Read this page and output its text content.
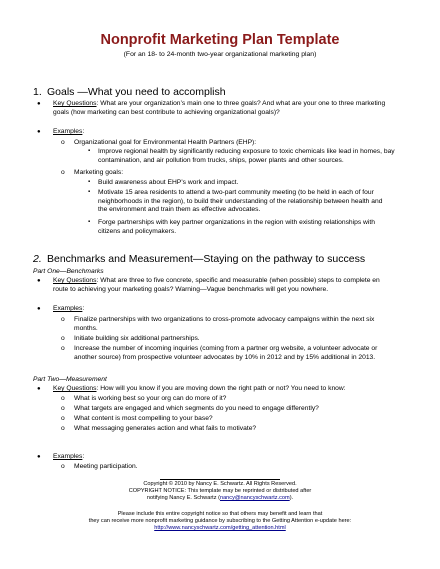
Nonprofit Marketing Plan Template
(For an 18- to 24-month two-year organizational marketing plan)
1. Goals —What you need to accomplish
● Key Questions: What are your organization’s main one to three goals? And what are your one to three marketing
goals (how marketing can best contribute to achieving organizational goals)?
● Examples:
o Organizational goal for Environmental Health Partners (EHP):
▪ Improve regional health by significantly reducing exposure to toxic chemicals like lead in homes, bay
contamination, and air pollution from trucks, ships, power plants and other sources.
o Marketing goals:
▪ Build awareness about EHP’s work and impact.
▪ Motivate 15 area residents to attend a two-part community meeting (to be held in each of four
neighborhoods in the region), to build their understanding of the relationship between health and
the environment and train them as effective advocates.
▪ Forge partnerships with key partner organizations in the region with existing relationships with
citizens and policymakers.
2. Benchmarks and Measurement—Staying on the pathway to success
Part One—Benchmarks
● Key Questions: What are three to five concrete, specific and measurable (when possible) steps to complete en
route to achieving your marketing goals? Warning—Vague benchmarks will get you nowhere.
● Examples:
o Finalize partnerships with two organizations to cross-promote advocacy campaigns within the next six
months.
o Initiate building six additional partnerships.
o Increase the number of incoming inquiries (coming from a partner org website, a volunteer advocate or
another source) from prospective volunteer advocates by 10% in 2012 and by 15% additional in 2013.
Part Two—Measurement
● Key Questions: How will you know if you are moving down the right path or not? You need to know:
o What is working best so your org can do more of it?
o What targets are engaged and which segments do you need to engage differently?
o What content is most compelling to your base?
o What messaging generates action and what fails to motivate?
● Examples:
o Meeting participation.
Copyright © 2010 by Nancy E. Schwartz. All Rights Reserved.
COPYRIGHT NOTICE: This template may be reprinted or distributed after
notifying Nancy E. Schwartz (nancy@nancyschwartz.com).
Please include this entire copyright notice so that others may benefit and learn that
they can receive more nonprofit marketing guidance by subscribing to the Getting Attention e-update here:
http://www.nancyschwartz.com/getting_attention.html
